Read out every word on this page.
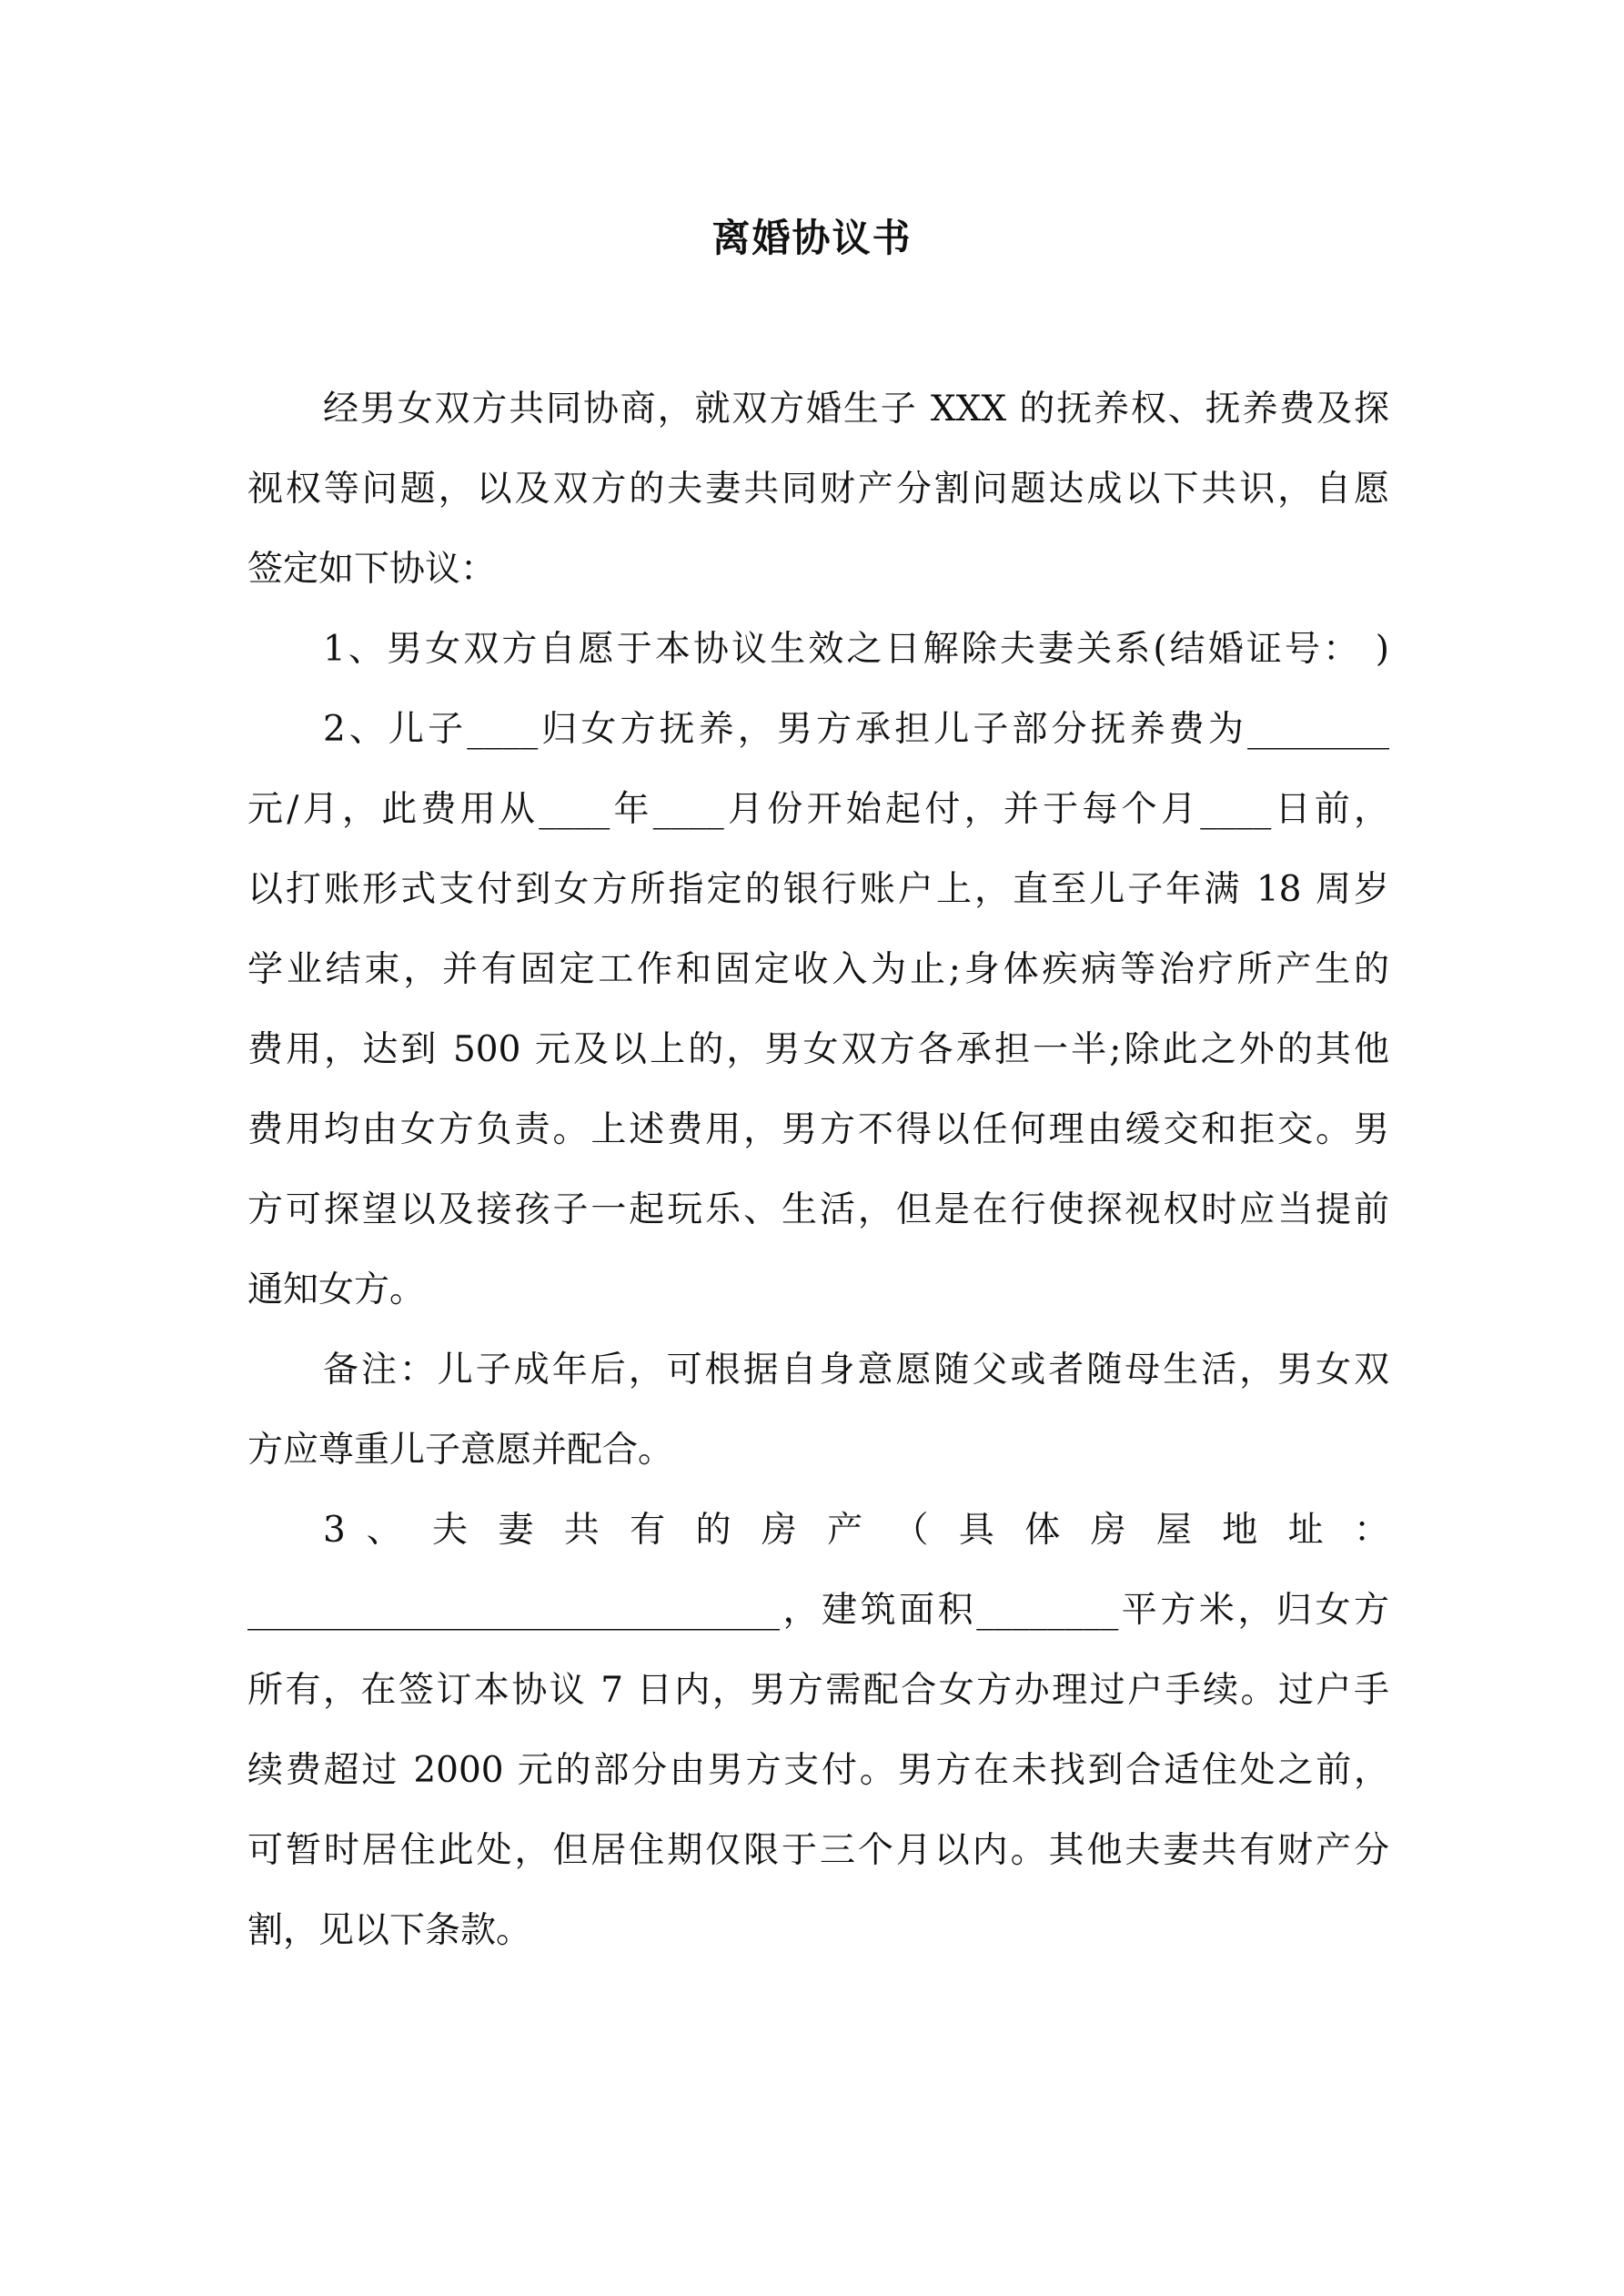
离婚协议书
经男女双方共同协商，就双方婚生子 XXX 的抚养权、抚养费及探
视权等问题，以及双方的夫妻共同财产分割问题达成以下共识，自愿
签定如下协议：
1、男女双方自愿于本协议生效之日解除夫妻关系(结婚证号： )
2、儿子____归女方抚养，男方承担儿子部分抚养费为________
元/月，此费用从____年____月份开始起付，并于每个月____日前，
以打账形式支付到女方所指定的银行账户上，直至儿子年满 18 周岁
学业结束，并有固定工作和固定收入为止;身体疾病等治疗所产生的
费用，达到 500 元及以上的，男女双方各承担一半;除此之外的其他
费用均由女方负责。上述费用，男方不得以任何理由缓交和拒交。男
方可探望以及接孩子一起玩乐、生活，但是在行使探视权时应当提前
通知女方。
备注：儿子成年后，可根据自身意愿随父或者随母生活，男女双
方应尊重儿子意愿并配合。
3 、 夫 妻 共 有 的 房 产 （ 具 体 房 屋 地 址 ：
______________________________，建筑面积________平方米，归女方
所有，在签订本协议 7 日内，男方需配合女方办理过户手续。过户手
续费超过 2000 元的部分由男方支付。男方在未找到合适住处之前，
可暂时居住此处，但居住期仅限于三个月以内。其他夫妻共有财产分
割，见以下条款。
